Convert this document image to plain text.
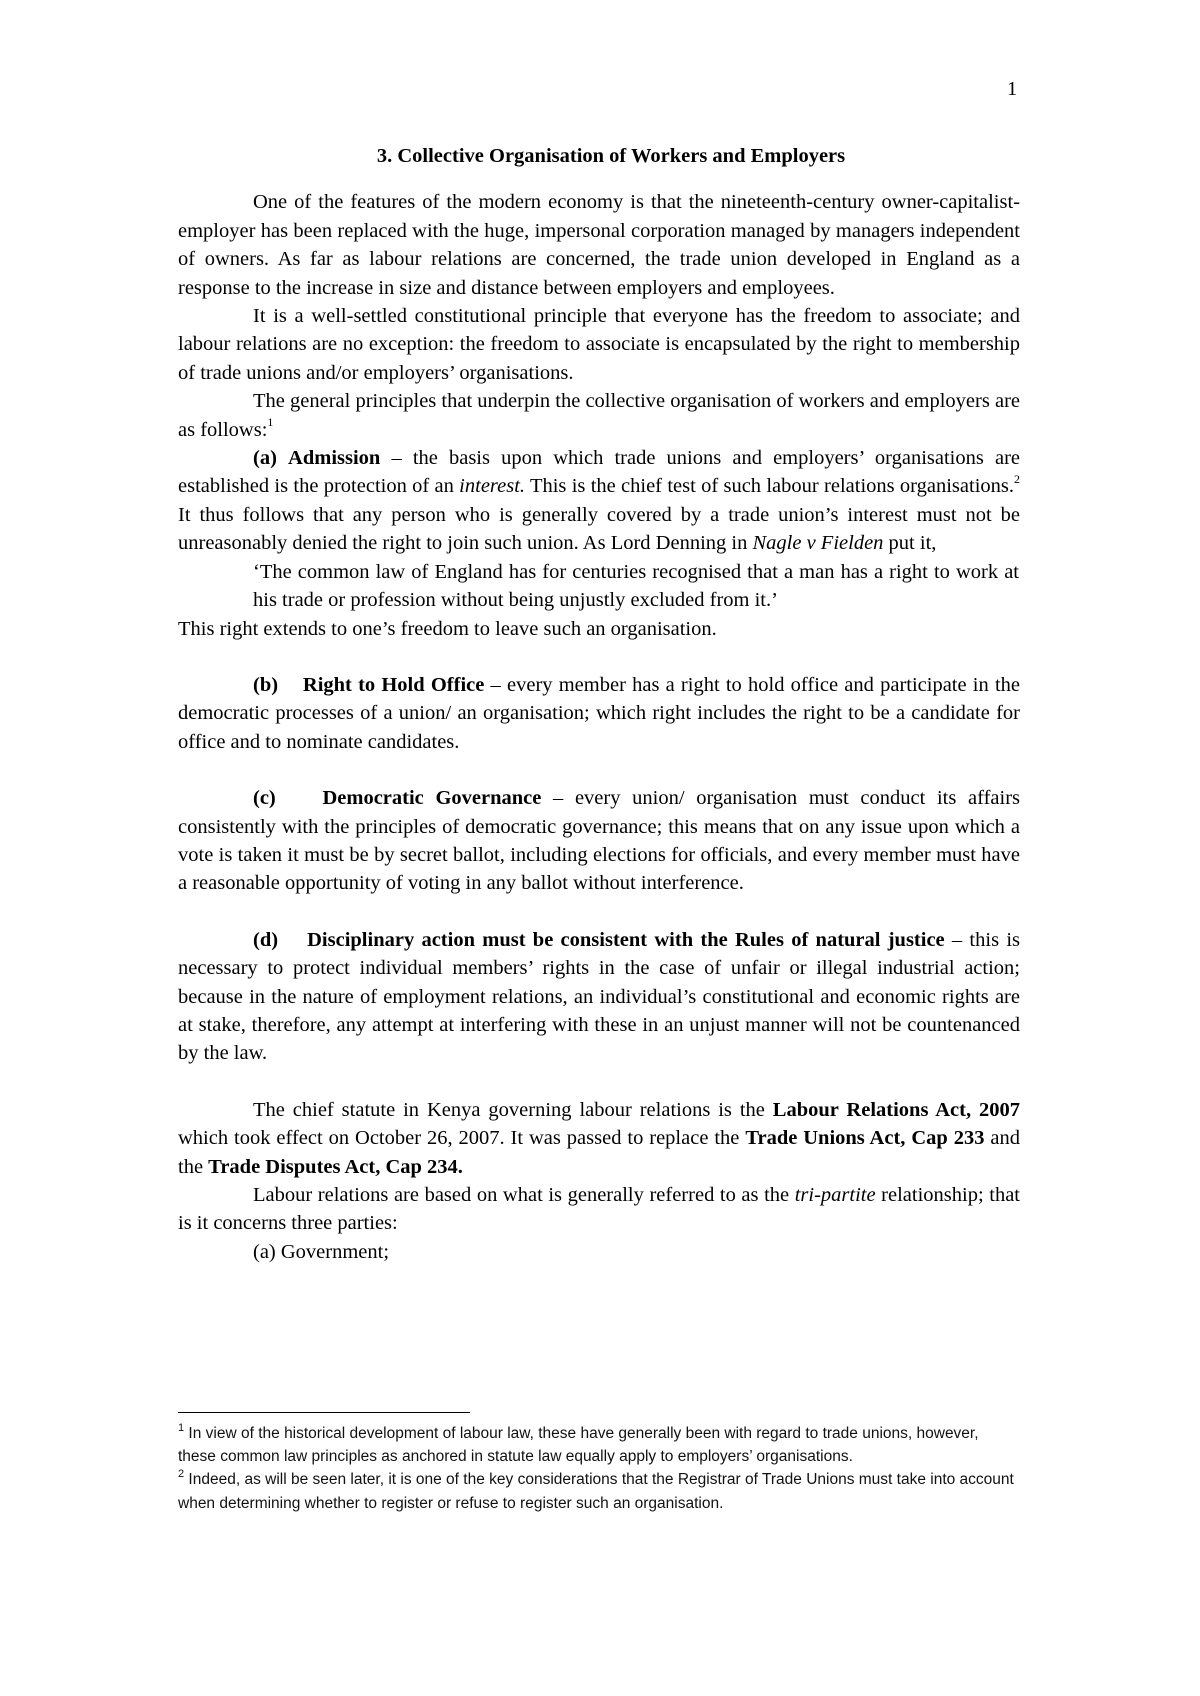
1

3. Collective Organisation of Workers and Employers

One of the features of the modern economy is that the nineteenth-century owner-capitalist-employer has been replaced with the huge, impersonal corporation managed by managers independent of owners. As far as labour relations are concerned, the trade union developed in England as a response to the increase in size and distance between employers and employees.

It is a well-settled constitutional principle that everyone has the freedom to associate; and labour relations are no exception: the freedom to associate is encapsulated by the right to membership of trade unions and/or employers’ organisations.

The general principles that underpin the collective organisation of workers and employers are as follows:$^1$

(a) Admission – the basis upon which trade unions and employers’ organisations are established is the protection of an interest. This is the chief test of such labour relations organisations.$^2$ It thus follows that any person who is generally covered by a trade union’s interest must not be unreasonably denied the right to join such union. As Lord Denning in Nagle v Fielden put it,

‘The common law of England has for centuries recognised that a man has a right to work at his trade or profession without being unjustly excluded from it.’

This right extends to one’s freedom to leave such an organisation.

(b) Right to Hold Office – every member has a right to hold office and participate in the democratic processes of a union/ an organisation; which right includes the right to be a candidate for office and to nominate candidates.

(c) Democratic Governance – every union/ organisation must conduct its affairs consistently with the principles of democratic governance; this means that on any issue upon which a vote is taken it must be by secret ballot, including elections for officials, and every member must have a reasonable opportunity of voting in any ballot without interference.

(d) Disciplinary action must be consistent with the Rules of natural justice – this is necessary to protect individual members’ rights in the case of unfair or illegal industrial action; because in the nature of employment relations, an individual’s constitutional and economic rights are at stake, therefore, any attempt at interfering with these in an unjust manner will not be countenanced by the law.

The chief statute in Kenya governing labour relations is the Labour Relations Act, 2007 which took effect on October 26, 2007. It was passed to replace the Trade Unions Act, Cap 233 and the Trade Disputes Act, Cap 234.

Labour relations are based on what is generally referred to as the tri-partite relationship; that is it concerns three parties:

(a) Government;

$^1$ In view of the historical development of labour law, these have generally been with regard to trade unions, however, these common law principles as anchored in statute law equally apply to employers’ organisations.

$^2$ Indeed, as will be seen later, it is one of the key considerations that the Registrar of Trade Unions must take into account when determining whether to register or refuse to register such an organisation.
